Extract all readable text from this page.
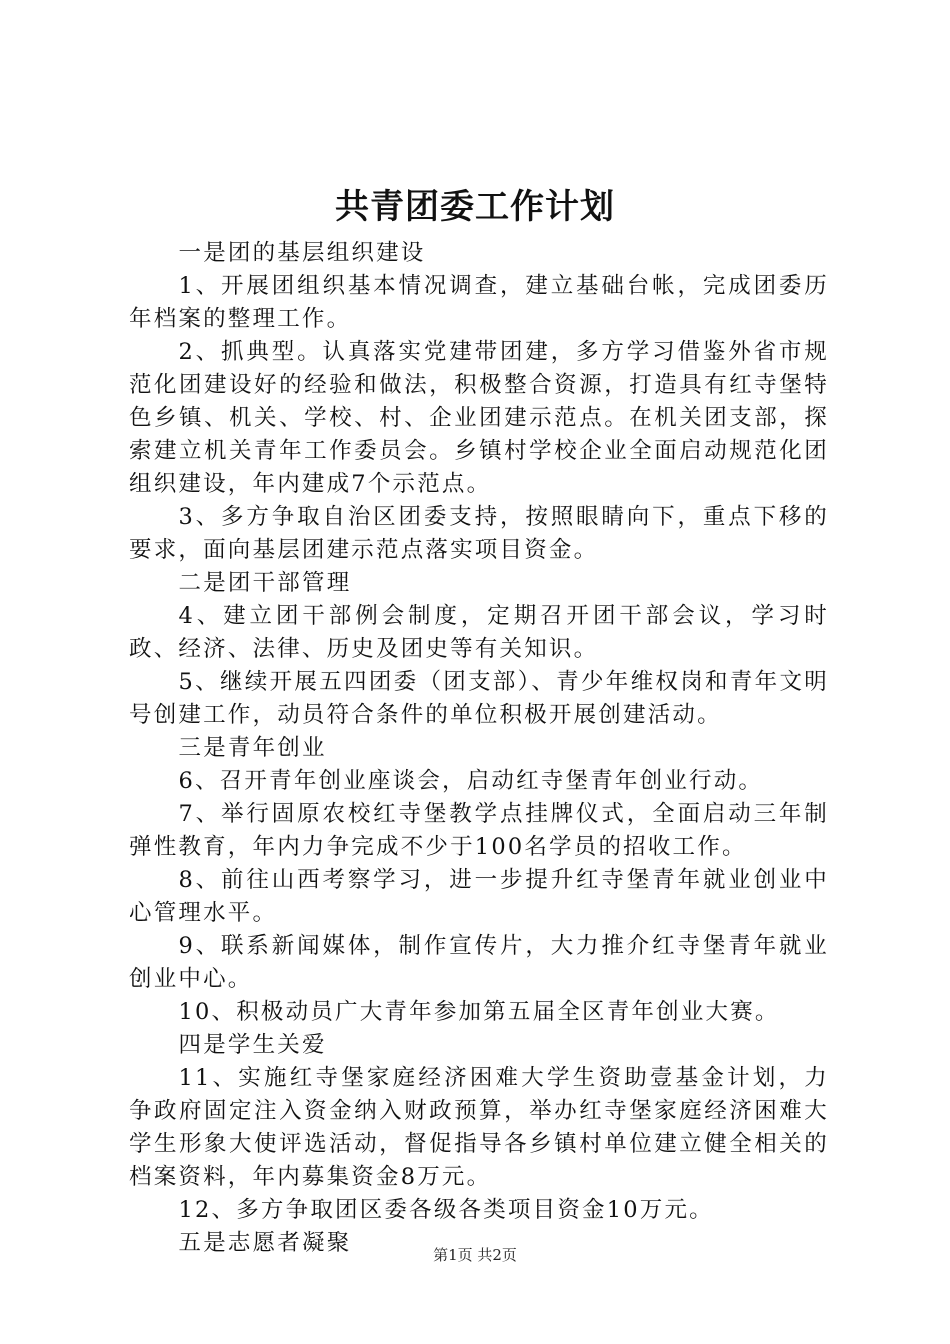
共青团委工作计划

一是团的基层组织建设

1、开展团组织基本情况调查，建立基础台帐，完成团委历年档案的整理工作。

2、抓典型。认真落实党建带团建，多方学习借鉴外省市规范化团建设好的经验和做法，积极整合资源，打造具有红寺堡特色乡镇、机关、学校、村、企业团建示范点。在机关团支部，探索建立机关青年工作委员会。乡镇村学校企业全面启动规范化团组织建设，年内建成7个示范点。

3、多方争取自治区团委支持，按照眼睛向下，重点下移的要求，面向基层团建示范点落实项目资金。

二是团干部管理

4、建立团干部例会制度，定期召开团干部会议，学习时政、经济、法律、历史及团史等有关知识。

5、继续开展五四团委（团支部）、青少年维权岗和青年文明号创建工作，动员符合条件的单位积极开展创建活动。

三是青年创业

6、召开青年创业座谈会，启动红寺堡青年创业行动。

7、举行固原农校红寺堡教学点挂牌仪式，全面启动三年制弹性教育，年内力争完成不少于100名学员的招收工作。

8、前往山西考察学习，进一步提升红寺堡青年就业创业中心管理水平。

9、联系新闻媒体，制作宣传片，大力推介红寺堡青年就业创业中心。

10、积极动员广大青年参加第五届全区青年创业大赛。

四是学生关爱

11、实施红寺堡家庭经济困难大学生资助壹基金计划，力争政府固定注入资金纳入财政预算，举办红寺堡家庭经济困难大学生形象大使评选活动，督促指导各乡镇村单位建立健全相关的档案资料，年内募集资金8万元。

12、多方争取团区委各级各类项目资金10万元。

五是志愿者凝聚	第1页 共2页
